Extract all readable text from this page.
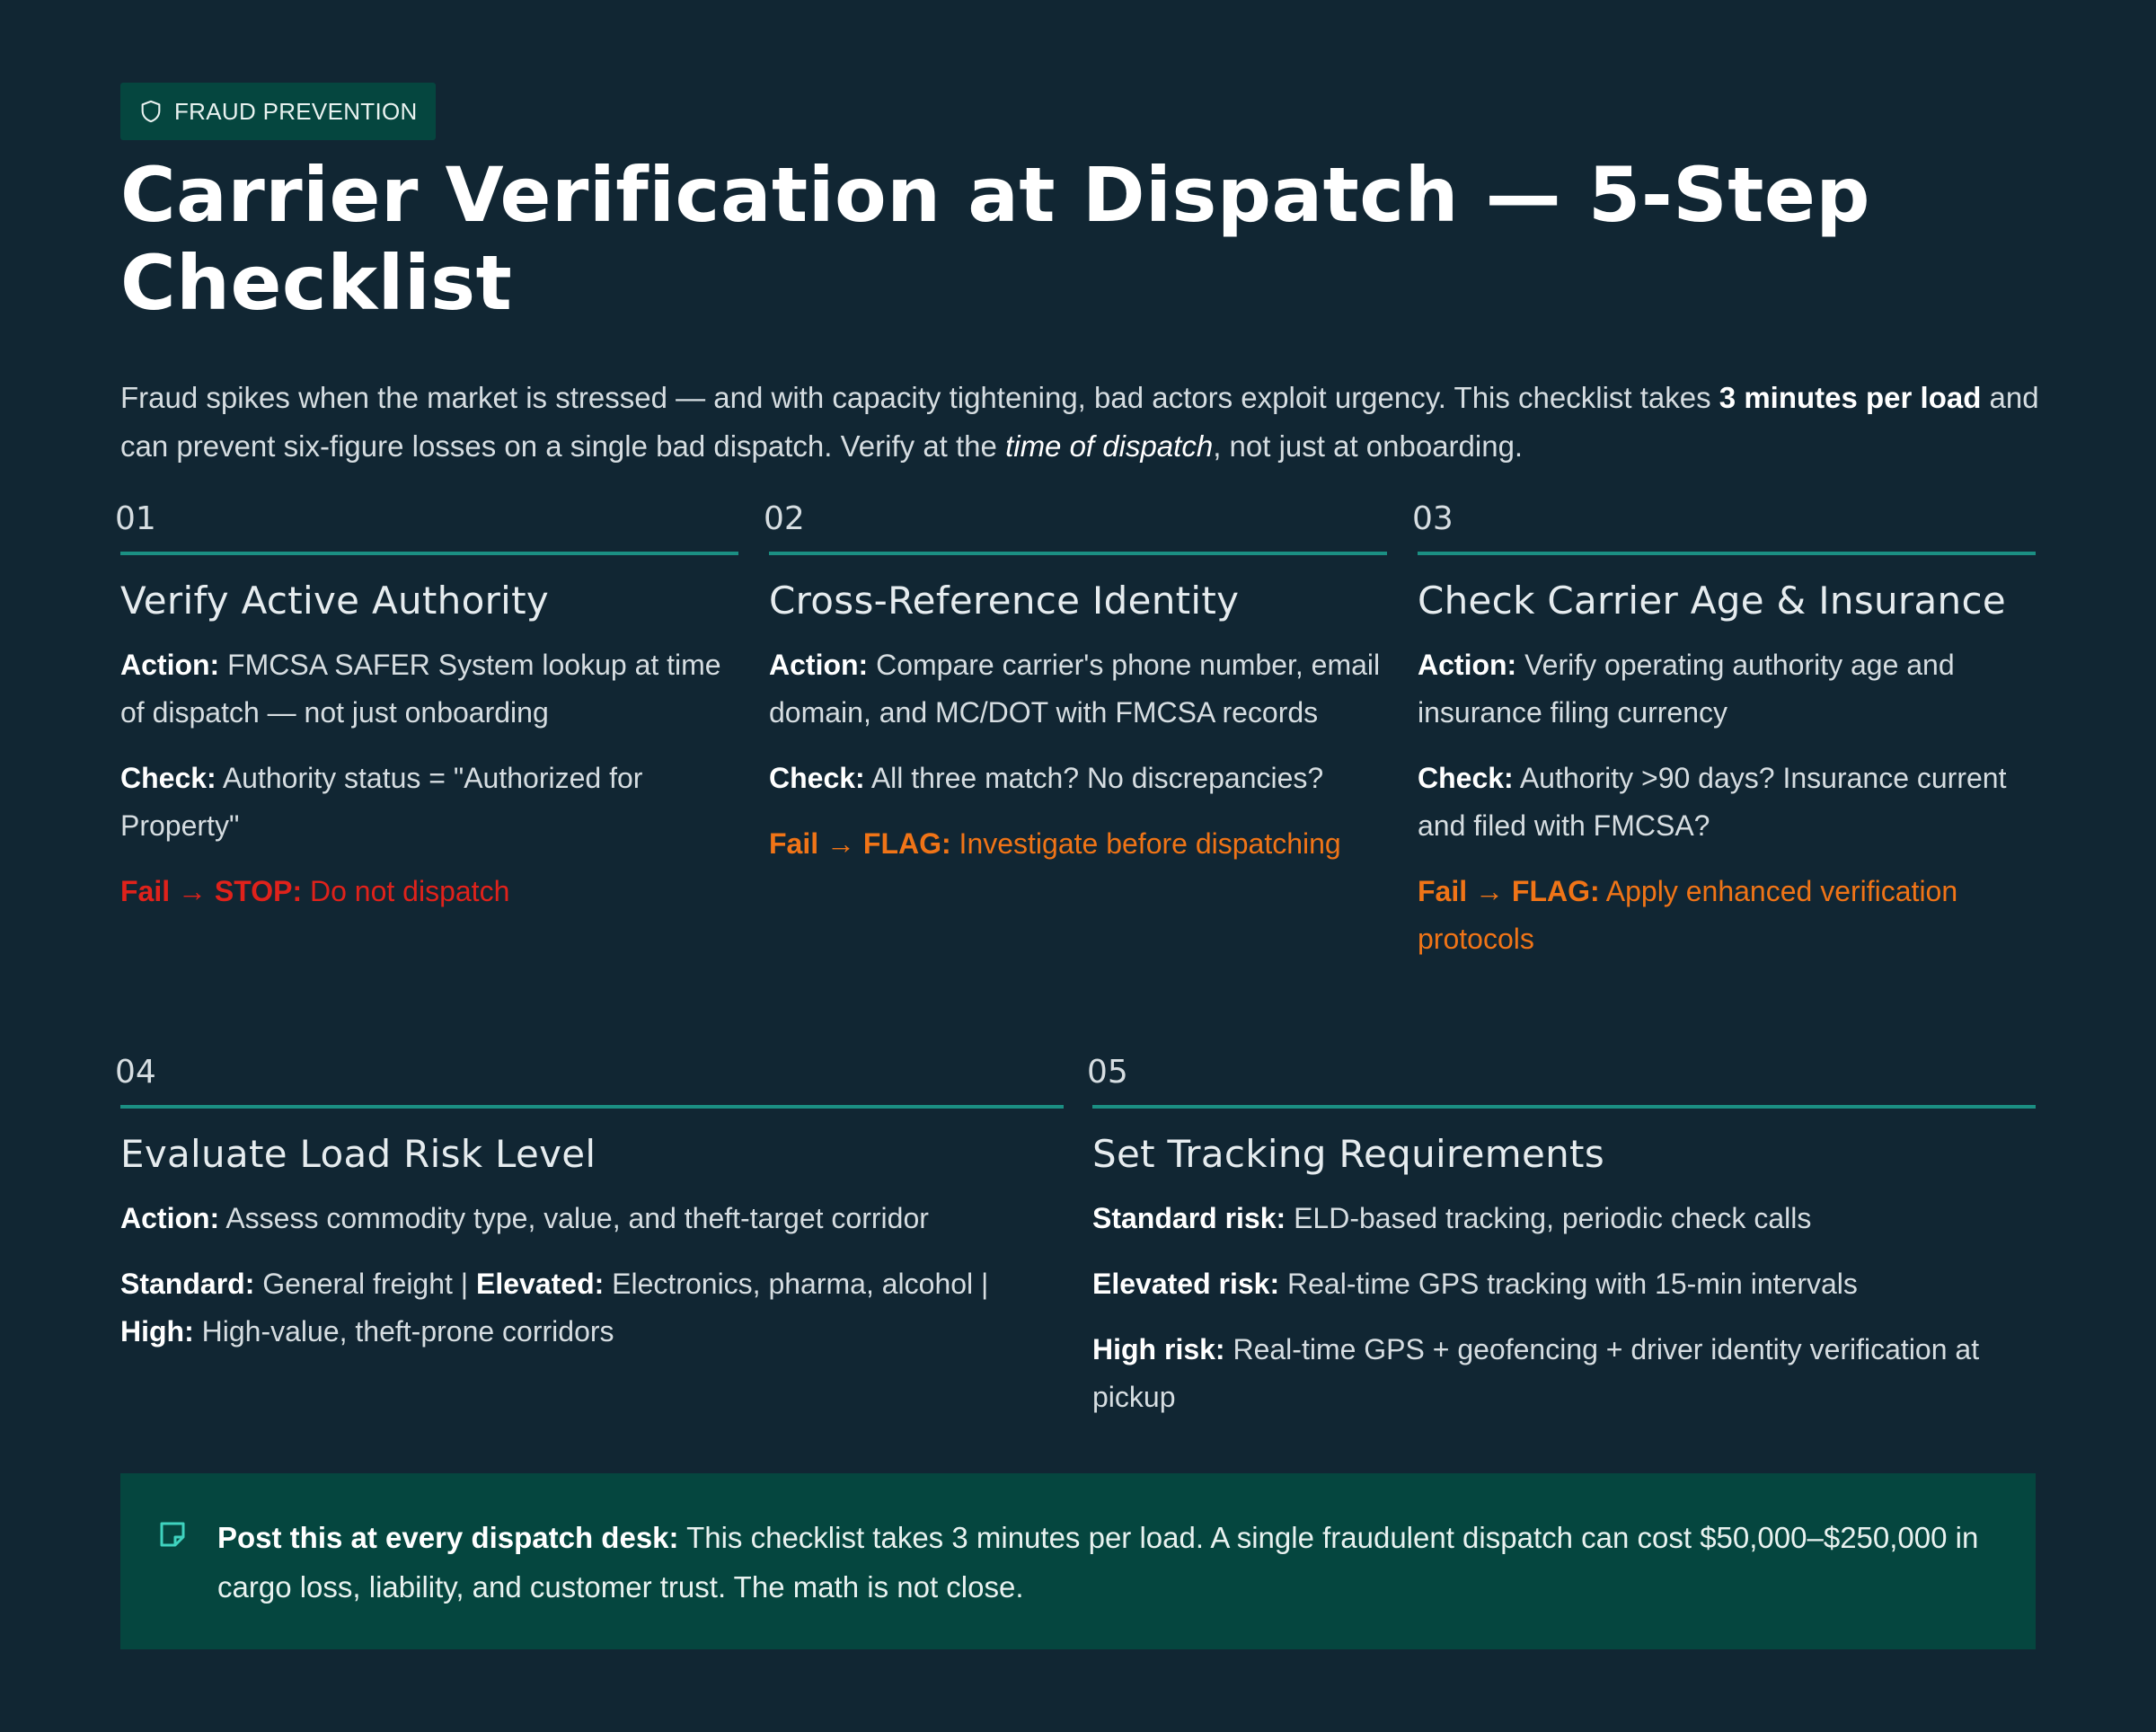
FRAUD PREVENTION
Carrier Verification at Dispatch — 5-Step Checklist

Fraud spikes when the market is stressed — and with capacity tightening, bad actors exploit urgency. This checklist takes 3 minutes per load and can prevent six-figure losses on a single bad dispatch. Verify at the time of dispatch, not just at onboarding.

01
Verify Active Authority

Action: FMCSA SAFER System lookup at time of dispatch — not just onboarding

Check: Authority status = "Authorized for Property"

Fail → STOP: Do not dispatch

02
Cross-Reference Identity

Action: Compare carrier's phone number, email domain, and MC/DOT with FMCSA records

Check: All three match? No discrepancies?

Fail → FLAG: Investigate before dispatching

03
Check Carrier Age & Insurance

Action: Verify operating authority age and insurance filing currency

Check: Authority >90 days? Insurance current and filed with FMCSA?

Fail → FLAG: Apply enhanced verification protocols

04
Evaluate Load Risk Level

Action: Assess commodity type, value, and theft-target corridor

Standard: General freight | Elevated: Electronics, pharma, alcohol | High: High-value, theft-prone corridors

05
Set Tracking Requirements

Standard risk: ELD-based tracking, periodic check calls

Elevated risk: Real-time GPS tracking with 15-min intervals

High risk: Real-time GPS + geofencing + driver identity verification at pickup

Post this at every dispatch desk: This checklist takes 3 minutes per load. A single fraudulent dispatch can cost $50,000–$250,000 in cargo loss, liability, and customer trust. The math is not close.
